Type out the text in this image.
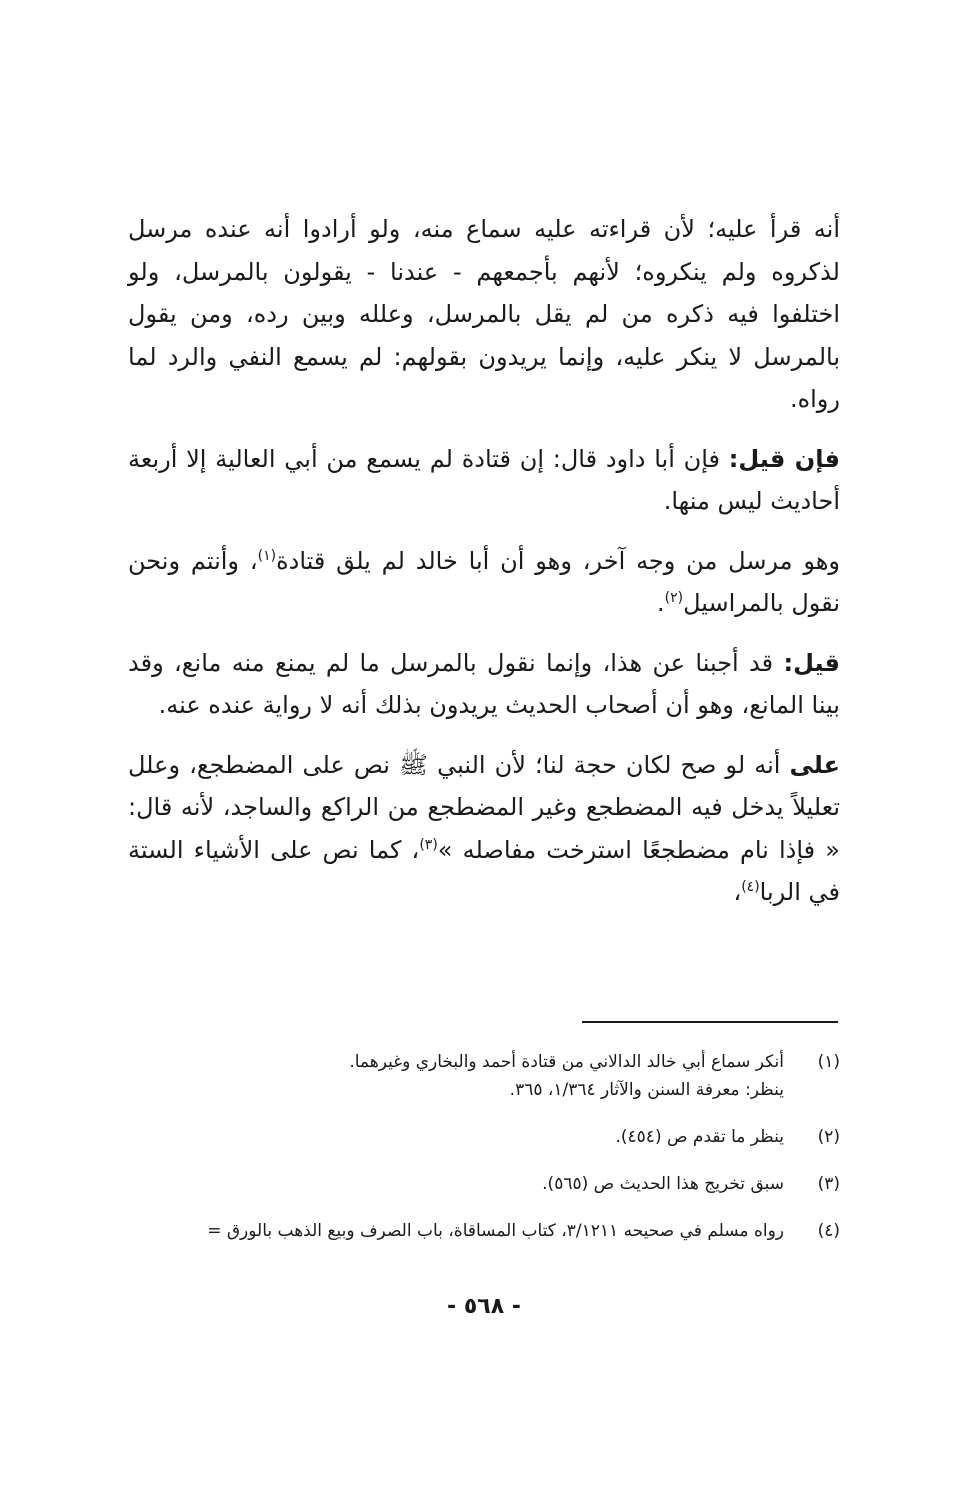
أنه قرأ عليه؛ لأن قراءته عليه سماع منه، ولو أرادوا أنه عنده مرسل لذكروه ولم ينكروه؛ لأنهم بأجمعهم - عندنا - يقولون بالمرسل، ولو اختلفوا فيه ذكره من لم يقل بالمرسل، وعلله وبين رده، ومن يقول بالمرسل لا ينكر عليه، وإنما يريدون بقولهم: لم يسمع النفي والرد لما رواه.

فإن قيل: فإن أبا داود قال: إن قتادة لم يسمع من أبي العالية إلا أربعة أحاديث ليس منها.

وهو مرسل من وجه آخر، وهو أن أبا خالد لم يلق قتادة$^{(١)}$، وأنتم ونحن نقول بالمراسيل$^{(٢)}$.

قيل: قد أجبنا عن هذا، وإنما نقول بالمرسل ما لم يمنع منه مانع، وقد بينا المانع، وهو أن أصحاب الحديث يريدون بذلك أنه لا رواية عنده عنه.

على أنه لو صح لكان حجة لنا؛ لأن النبي ﷺ نص على المضطجع، وعلل تعليلاً يدخل فيه المضطجع وغير المضطجع من الراكع والساجد، لأنه قال: « فإذا نام مضطجعًا استرخت مفاصله »$^{(٣)}$، كما نص على الأشياء الستة في الربا$^{(٤)}$،

(١)
أنكر سماع أبي خالد الدالاني من قتادة أحمد والبخاري وغيرهما.
ينظر: معرفة السنن والآثار ١/٣٦٤، ٣٦٥.
(٢)
ينظر ما تقدم ص (٤٥٤).
(٣)
سبق تخريج هذا الحديث ص (٥٦٥).
(٤)
رواه مسلم في صحيحه ٣/١٢١١، كتاب المساقاة، باب الصرف وبيع الذهب بالورق =
- ٥٦٨ -
